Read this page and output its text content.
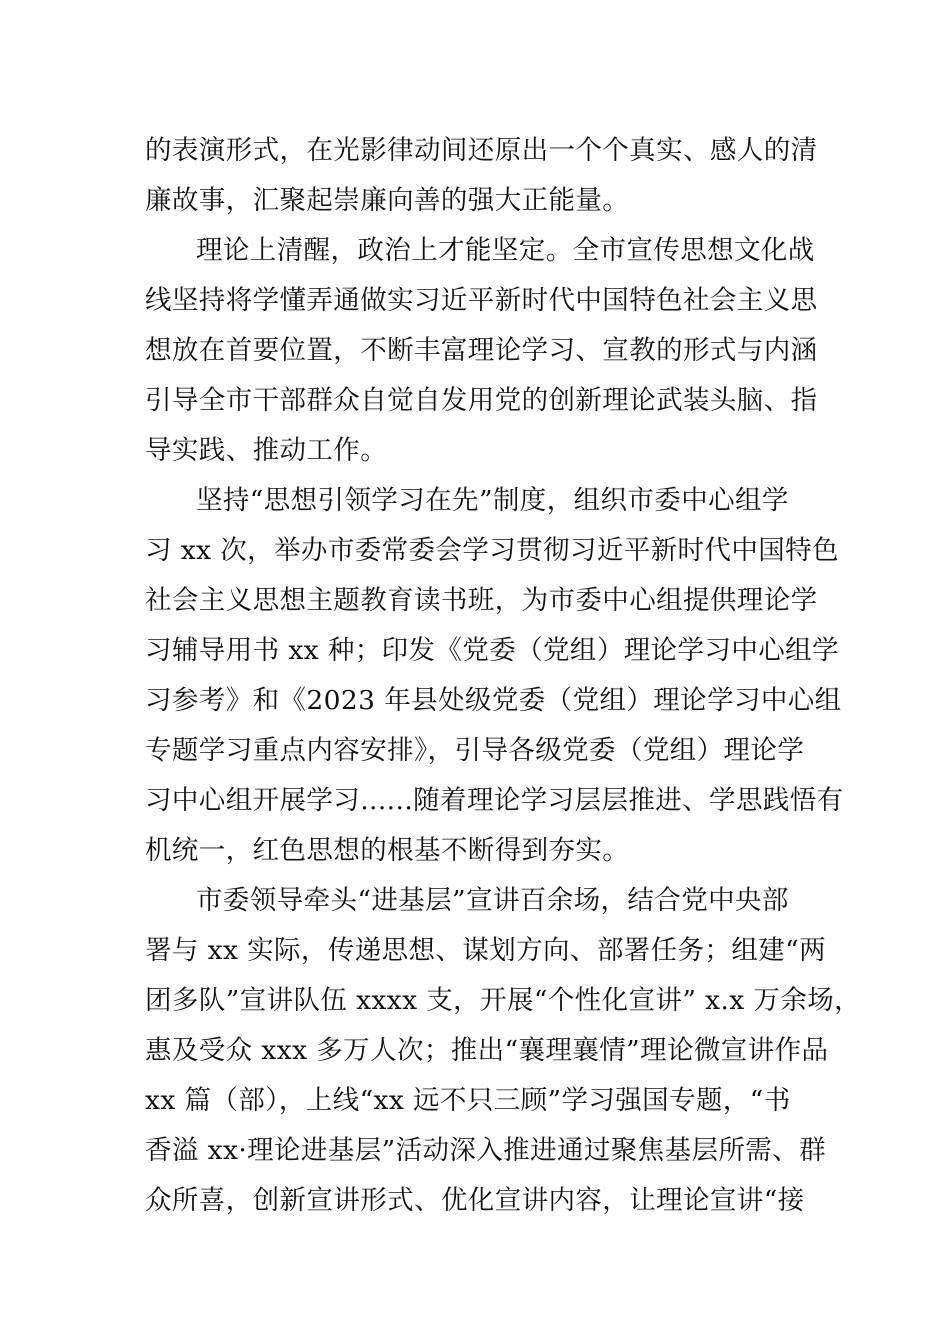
的表演形式，在光影律动间还原出一个个真实、感人的清
廉故事，汇聚起崇廉向善的强大正能量。
理论上清醒，政治上才能坚定。全市宣传思想文化战
线坚持将学懂弄通做实习近平新时代中国特色社会主义思
想放在首要位置，不断丰富理论学习、宣教的形式与内涵
引导全市干部群众自觉自发用党的创新理论武装头脑、指
导实践、推动工作。
坚持“思想引领学习在先”制度，组织市委中心组学
习 xx 次，举办市委常委会学习贯彻习近平新时代中国特色
社会主义思想主题教育读书班，为市委中心组提供理论学
习辅导用书 xx 种；印发《党委（党组）理论学习中心组学
习参考》和《2023 年县处级党委（党组）理论学习中心组
专题学习重点内容安排》，引导各级党委（党组）理论学
习中心组开展学习......随着理论学习层层推进、学思践悟有
机统一，红色思想的根基不断得到夯实。
市委领导牵头“进基层”宣讲百余场，结合党中央部
署与 xx 实际，传递思想、谋划方向、部署任务；组建“两
团多队”宣讲队伍 xxxx 支，开展“个性化宣讲” x.x 万余场，
惠及受众 xxx 多万人次；推出“襄理襄情”理论微宣讲作品
xx 篇（部），上线“xx 远不只三顾”学习强国专题，“书
香溢 xx·理论进基层”活动深入推进通过聚焦基层所需、群
众所喜，创新宣讲形式、优化宣讲内容，让理论宣讲“接
